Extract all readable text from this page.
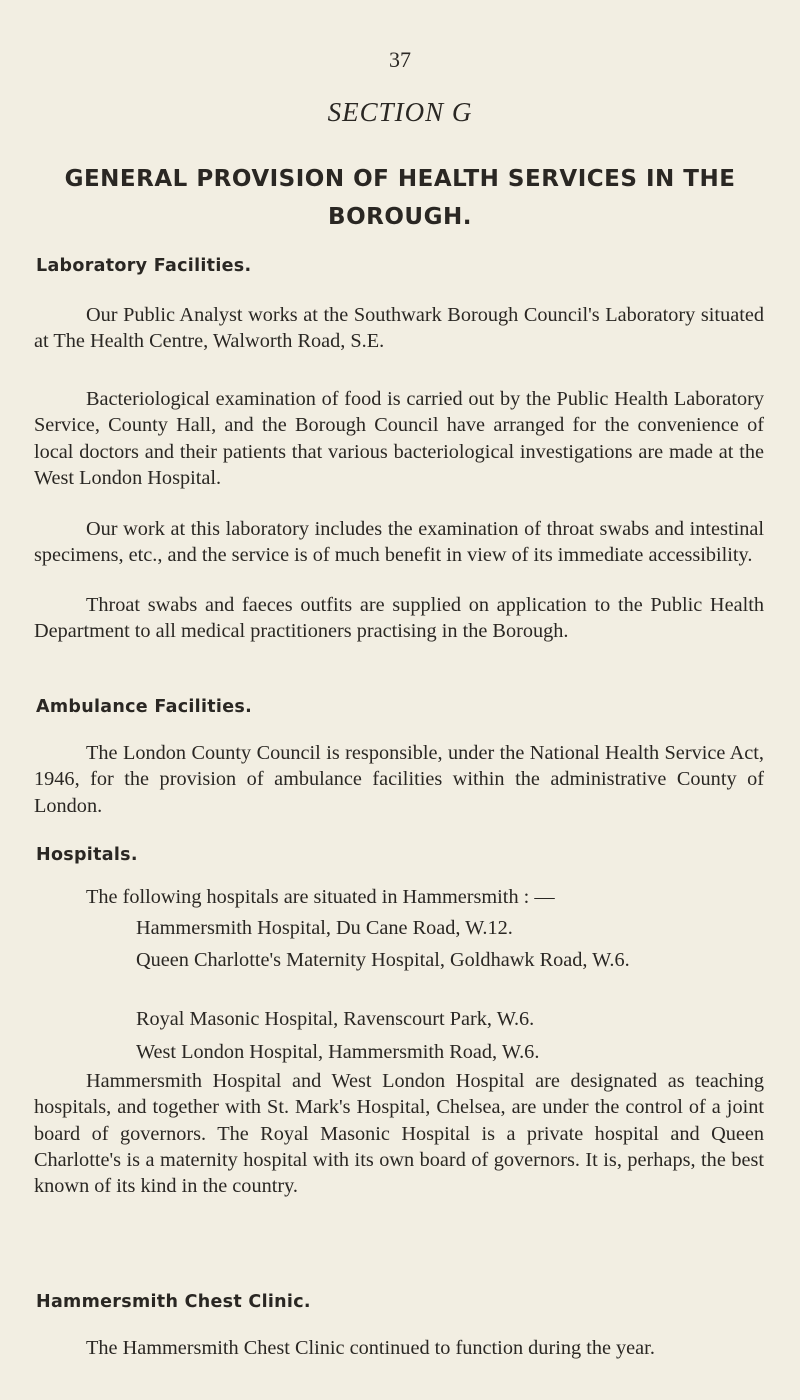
37
SECTION G
GENERAL PROVISION OF HEALTH SERVICES IN THE BOROUGH.
Laboratory Facilities.

Our Public Analyst works at the Southwark Borough Council's Laboratory situated at The Health Centre, Walworth Road, S.E.

Bacteriological examination of food is carried out by the Public Health Laboratory Service, County Hall, and the Borough Council have arranged for the convenience of local doctors and their patients that various bacteriological investigations are made at the West London Hospital.

Our work at this laboratory includes the examination of throat swabs and intestinal specimens, etc., and the service is of much benefit in view of its immediate accessibility.

Throat swabs and faeces outfits are supplied on application to the Public Health Department to all medical practitioners practising in the Borough.

Ambulance Facilities.

The London County Council is responsible, under the National Health Service Act, 1946, for the provision of ambulance facilities within the administrative County of London.

Hospitals.

The following hospitals are situated in Hammersmith : —

Hammersmith Hospital, Du Cane Road, W.12.

Queen Charlotte's Maternity Hospital, Goldhawk Road, W.6.

Royal Masonic Hospital, Ravenscourt Park, W.6.

West London Hospital, Hammersmith Road, W.6.

Hammersmith Hospital and West London Hospital are designated as teaching hospitals, and together with St. Mark's Hospital, Chelsea, are under the control of a joint board of governors. The Royal Masonic Hospital is a private hospital and Queen Charlotte's is a maternity hospital with its own board of governors. It is, perhaps, the best known of its kind in the country.

Hammersmith Chest Clinic.

The Hammersmith Chest Clinic continued to function during the year.
